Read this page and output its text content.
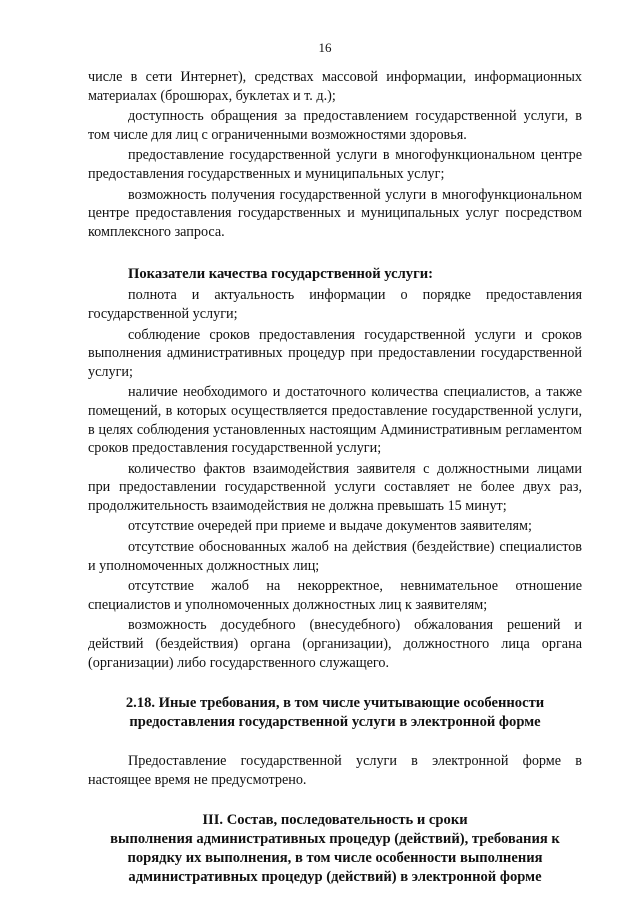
16

числе в сети Интернет), средствах массовой информации, информационных материалах (брошюрах, буклетах и т. д.);

доступность обращения за предоставлением государственной услуги, в том числе для лиц с ограниченными возможностями здоровья.

предоставление государственной услуги в многофункциональном центре предоставления государственных и муниципальных услуг;

возможность получения государственной услуги в многофункциональном центре предоставления государственных и муниципальных услуг посредством комплексного запроса.

Показатели качества государственной услуги:

полнота и актуальность информации о порядке предоставления государственной услуги;

соблюдение сроков предоставления государственной услуги и сроков выполнения административных процедур при предоставлении государственной услуги;

наличие необходимого и достаточного количества специалистов, а также помещений, в которых осуществляется предоставление государственной услуги, в целях соблюдения установленных настоящим Административным регламентом сроков предоставления государственной услуги;

количество фактов взаимодействия заявителя с должностными лицами при предоставлении государственной услуги составляет не более двух раз, продолжительность взаимодействия не должна превышать 15 минут;

отсутствие очередей при приеме и выдаче документов заявителям;

отсутствие обоснованных жалоб на действия (бездействие) специалистов и уполномоченных должностных лиц;

отсутствие жалоб на некорректное, невнимательное отношение специалистов и уполномоченных должностных лиц к заявителям;

возможность досудебного (внесудебного) обжалования решений и действий (бездействия) органа (организации), должностного лица органа (организации) либо государственного служащего.

2.18. Иные требования, в том числе учитывающие особенности

предоставления государственной услуги в электронной форме

Предоставление государственной услуги в электронной форме в настоящее время не предусмотрено.

III. Состав, последовательность и сроки

выполнения административных процедур (действий), требования к

порядку их выполнения, в том числе особенности выполнения

административных процедур (действий) в электронной форме
